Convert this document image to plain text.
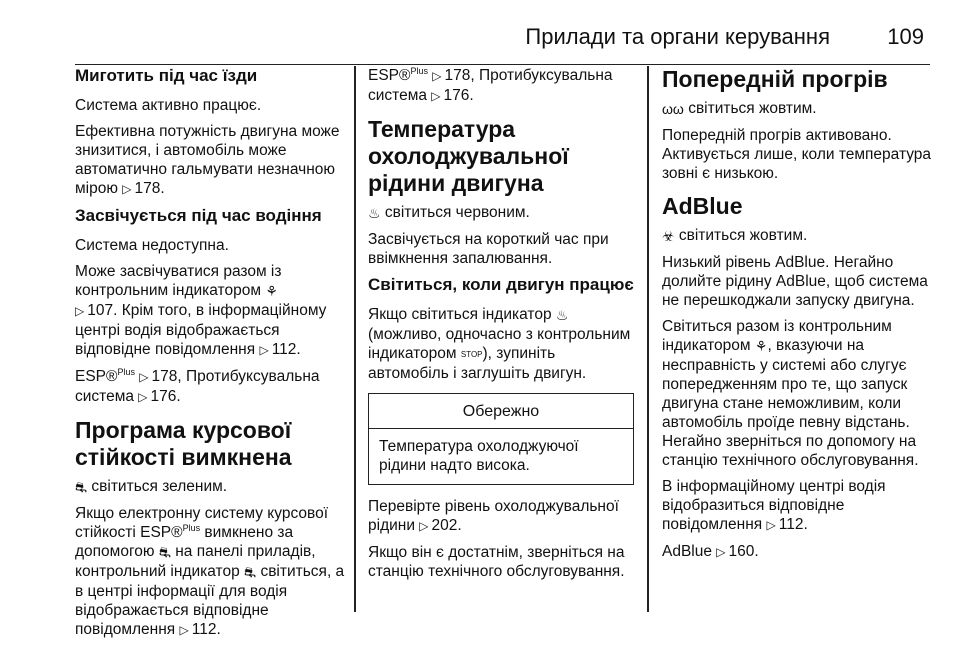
Прилади та органи керування	109
Миготить під час їзди

Система активно працює.

Ефективна потужність двигуна може знизитися, і автомобіль може автоматично гальмувати незначною мірою ▷ 178.

Засвічується під час водіння

Система недоступна.

Може засвічуватися разом із контрольним індикатором ⚘
▷ 107. Крім того, в інформаційному центрі водія відображається відповідне повідомлення ▷ 112.

ESP®$^{Plus}$ ▷ 178, Протибуксувальна система ▷ 176.

Програма курсової стійкості вимкнена

⛐ світиться зеленим.

Якщо електронну систему курсової стійкості ESP®$^{Plus}$ вимкнено за допомогою ⛐ на панелі приладів, контрольний індикатор ⛐ світиться, а в центрі інформації для водія відображається відповідне повідомлення ▷ 112.

ESP®$^{Plus}$ ▷ 178, Протибуксувальна система ▷ 176.

Температура охолоджувальної рідини двигуна

♨ світиться червоним.

Засвічується на короткий час при ввімкнення запалювання.

Світиться, коли двигун працює

Якщо світиться індикатор ♨ (можливо, одночасно з контрольним індикатором STOP), зупиніть автомобіль і заглушіть двигун.

Обережно
Температура охолоджуючої рідини надто висока.

Перевірте рівень охолоджувальної рідини ▷ 202.

Якщо він є достатнім, зверніться на станцію технічного обслуговування.

Попередній прогрів

ωω світиться жовтим.

Попередній прогрів активовано. Активується лише, коли температура зовні є низькою.

AdBlue

☣ світиться жовтим.

Низький рівень AdBlue. Негайно долийте рідину AdBlue, щоб система не перешкоджали запуску двигуна.

Світиться разом із контрольним індикатором ⚘, вказуючи на несправність у системі або слугує попередженням про те, що запуск двигуна стане неможливим, коли автомобіль проїде певну відстань. Негайно зверніться по допомогу на станцію технічного обслуговування.

В інформаційному центрі водія відобразиться відповідне повідомлення ▷ 112.

AdBlue ▷ 160.
